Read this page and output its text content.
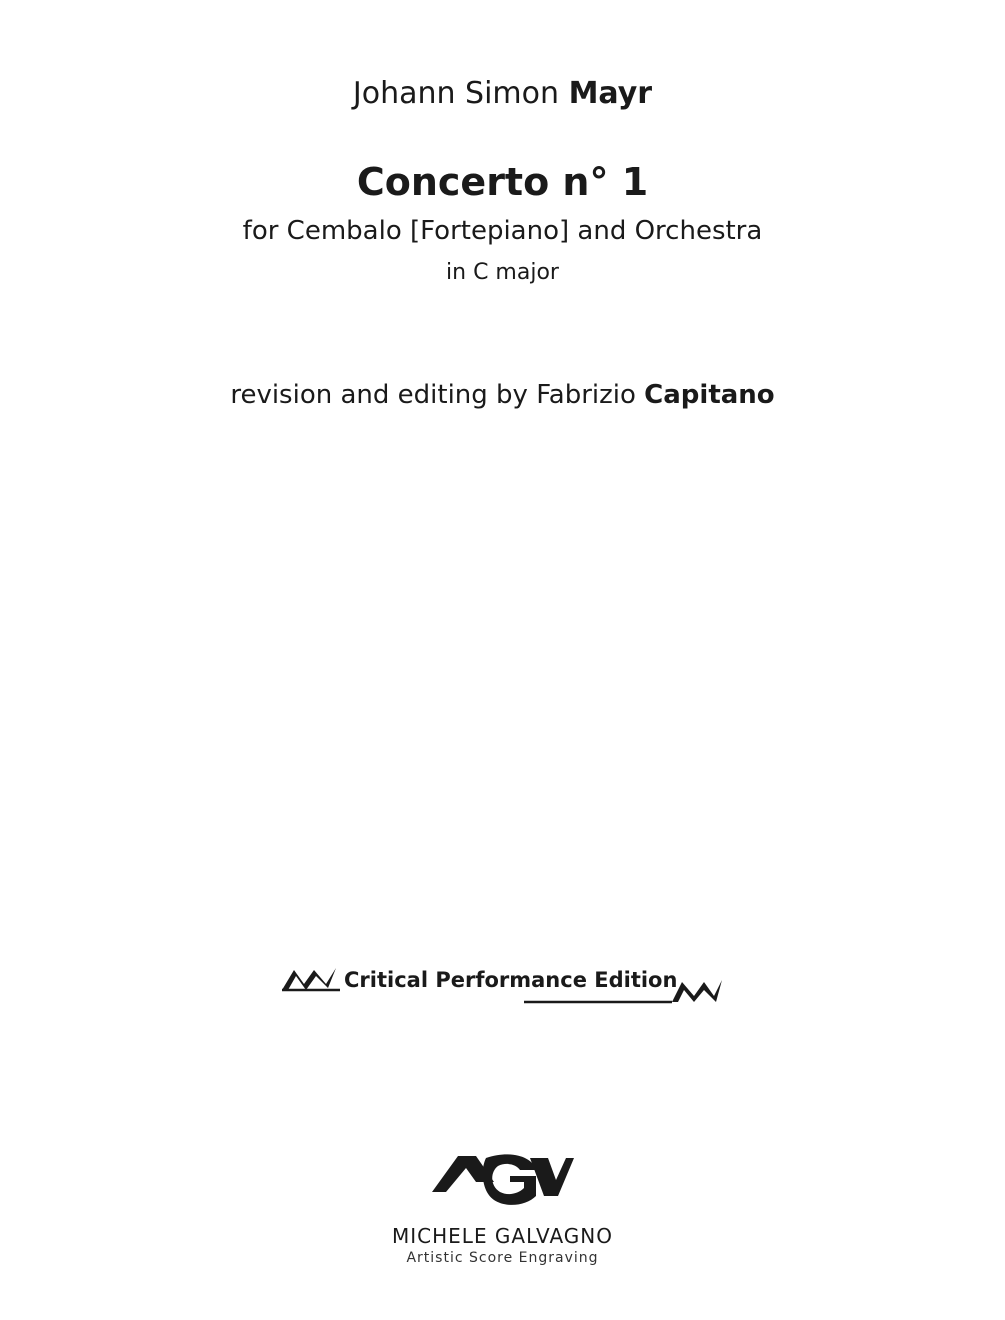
Johann Simon Mayr
Concerto n° 1
for Cembalo [Fortepiano] and Orchestra
in C major
revision and editing by Fabrizio Capitano
Critical Performance Edition
MICHELE GALVAGNO
Artistic Score Engraving
